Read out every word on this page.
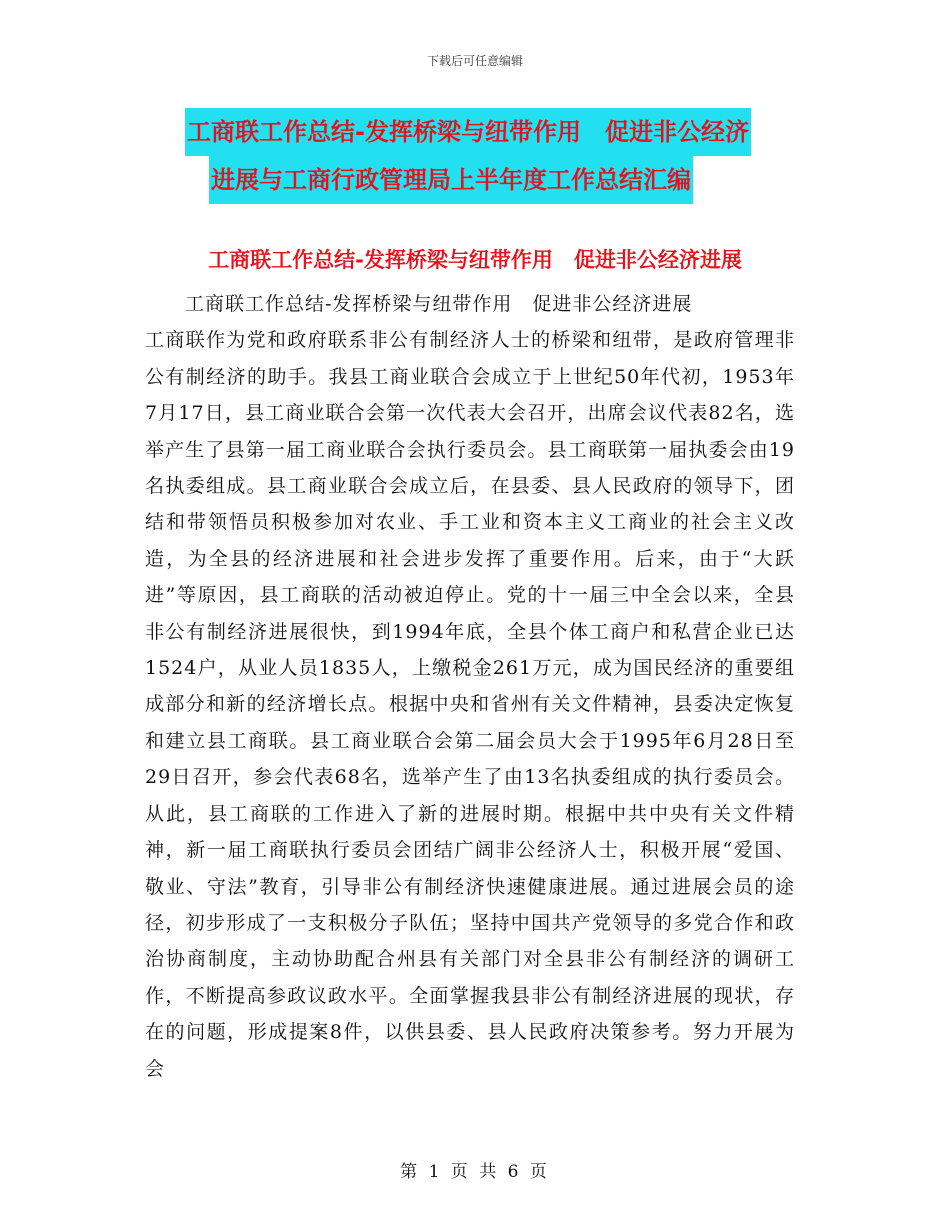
下载后可任意编辑
工商联工作总结-发挥桥梁与纽带作用　促进非公经济
进展与工商行政管理局上半年度工作总结汇编
工商联工作总结-发挥桥梁与纽带作用　促进非公经济进展

工商联工作总结-发挥桥梁与纽带作用　促进非公经济进展

工商联作为党和政府联系非公有制经济人士的桥梁和纽带，是政府管理非公有制经济的助手。我县工商业联合会成立于上世纪50年代初，1953年7月17日，县工商业联合会第一次代表大会召开，出席会议代表82名，选举产生了县第一届工商业联合会执行委员会。县工商联第一届执委会由19名执委组成。县工商业联合会成立后，在县委、县人民政府的领导下，团结和带领悟员积极参加对农业、手工业和资本主义工商业的社会主义改造，为全县的经济进展和社会进步发挥了重要作用。后来，由于“大跃进”等原因，县工商联的活动被迫停止。党的十一届三中全会以来，全县非公有制经济进展很快，到1994年底，全县个体工商户和私营企业已达1524户，从业人员1835人，上缴税金261万元，成为国民经济的重要组成部分和新的经济增长点。根据中央和省州有关文件精神，县委决定恢复和建立县工商联。县工商业联合会第二届会员大会于1995年6月28日至29日召开，参会代表68名，选举产生了由13名执委组成的执行委员会。从此，县工商联的工作进入了新的进展时期。根据中共中央有关文件精神，新一届工商联执行委员会团结广阔非公经济人士，积极开展“爱国、敬业、守法”教育，引导非公有制经济快速健康进展。通过进展会员的途径，初步形成了一支积极分子队伍；坚持中国共产党领导的多党合作和政治协商制度，主动协助配合州县有关部门对全县非公有制经济的调研工作，不断提高参政议政水平。全面掌握我县非公有制经济进展的现状，存在的问题，形成提案8件，以供县委、县人民政府决策参考。努力开展为会

第 1 页 共 6 页
